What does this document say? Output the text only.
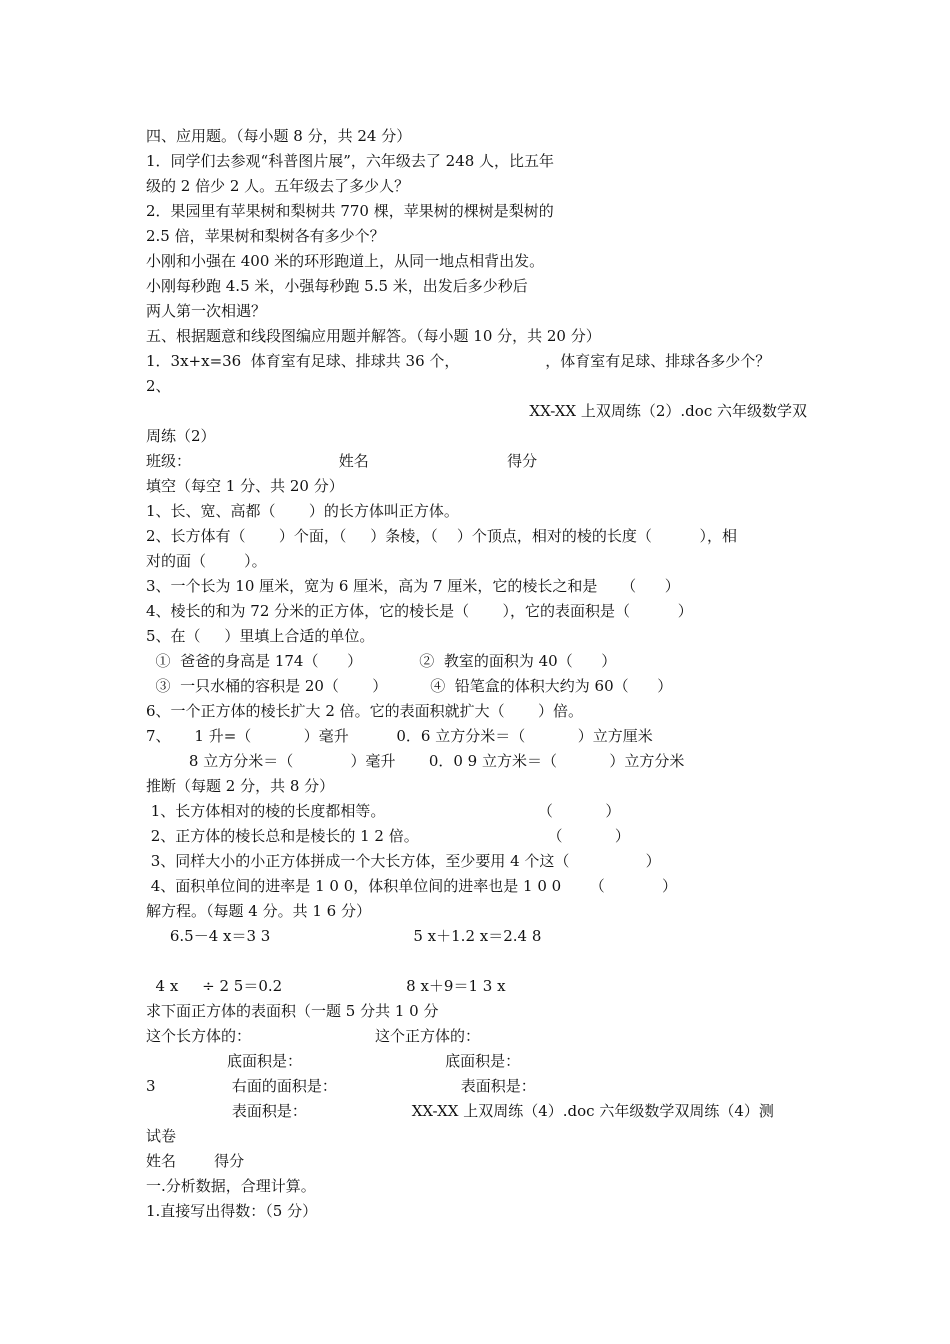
四、应用题。（每小题 8 分，共 24 分）
1．同学们去参观“科普图片展”，六年级去了 248 人，比五年
级的 2 倍少 2 人。五年级去了多少人？
2．果园里有苹果树和梨树共 770 棵，苹果树的棵树是梨树的
2.5 倍，苹果树和梨树各有多少个？
小刚和小强在 400 米的环形跑道上，从同一地点相背出发。
小刚每秒跑 4.5 米，小强每秒跑 5.5 米，出发后多少秒后
两人第一次相遇？
五、根据题意和线段图编应用题并解答。（每小题 10 分，共 20 分）
1．3x+x=36  体育室有足球、排球共 36 个，                  ，体育室有足球、排球各多少个？
2、
XX-XX 上双周练（2）.doc 六年级数学双
周练（2）
班级：                               姓名                             得分
填空（每空 1 分、共 20 分）
1、长、宽、高都（       ）的长方体叫正方体。
2、长方体有（       ）个面，（     ）条棱，（    ）个顶点，相对的棱的长度（          ），相
对的面（        ）。
3、一个长为 10 厘米，宽为 6 厘米，高为 7 厘米，它的棱长之和是     （      ）
4、棱长的和为 72 分米的正方体，它的棱长是（       ），它的表面积是（          ）
5、在（     ）里填上合适的单位。
①  爸爸的身高是 174（      ）            ②  教室的面积为 40（      ）
③  一只水桶的容积是 20（       ）         ④  铅笔盒的体积大约为 60（      ）
6、一个正方体的棱长扩大 2 倍。它的表面积就扩大（       ）倍。
7、     1 升=（           ）毫升          0．6 立方分米＝（           ）立方厘米
8 立方分米＝（            ）毫升       0．0 9 立方米＝（           ）立方分米
推断（每题 2 分，共 8 分）
1、长方体相对的棱的长度都相等。                                （           ）
2、正方体的棱长总和是棱长的 1 2 倍。                           （           ）
3、同样大小的小正方体拼成一个大长方体，至少要用 4 个这（                ）
4、面积单位间的进率是 1 0 0，体积单位间的进率也是 1 0 0      （            ）
解方程。（每题 4 分。共 1 6 分）
6.5－4 x＝3 3                              5 x＋1.2 x＝2.4 8
4 x     ÷ 2 5＝0.2                          8 x＋9＝1 3 x
求下面正方体的表面积（一题 5 分共 1 0 分
这个长方体的：                          这个正方体的：
底面积是：                              底面积是：
3                右面的面积是：                          表面积是：
表面积是：                      XX-XX 上双周练（4）.doc 六年级数学双周练（4）测
试卷
姓名        得分
一.分析数据，合理计算。
1.直接写出得数：（5 分）
